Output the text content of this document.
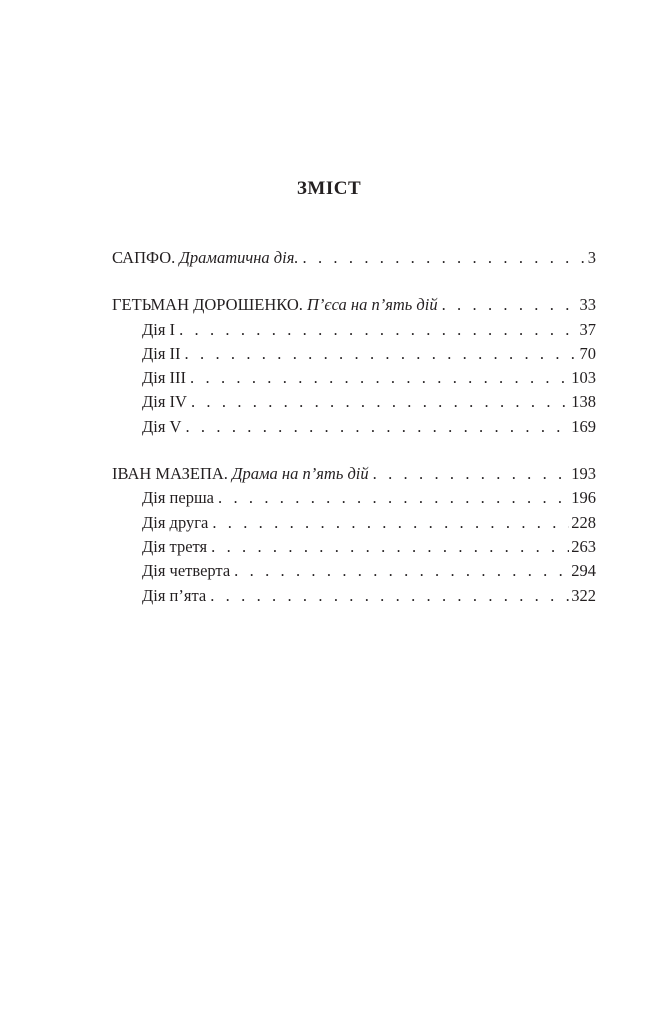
ЗМІСТ
САПФО. Драматична дія. . . .	3
ГЕТЬМАН ДОРОШЕНКО. П’єса на п’ять дій . . .	33
Дія I . . .	37
Дія II . . .	70
Дія III . . .	103
Дія IV . . .	138
Дія V . . .	169
ІВАН МАЗЕПА. Драма на п’ять дій . . .	193
Дія перша . . .	196
Дія друга . . .	228
Дія третя . . .	263
Дія четверта . . .	294
Дія п’ята . . .	322
